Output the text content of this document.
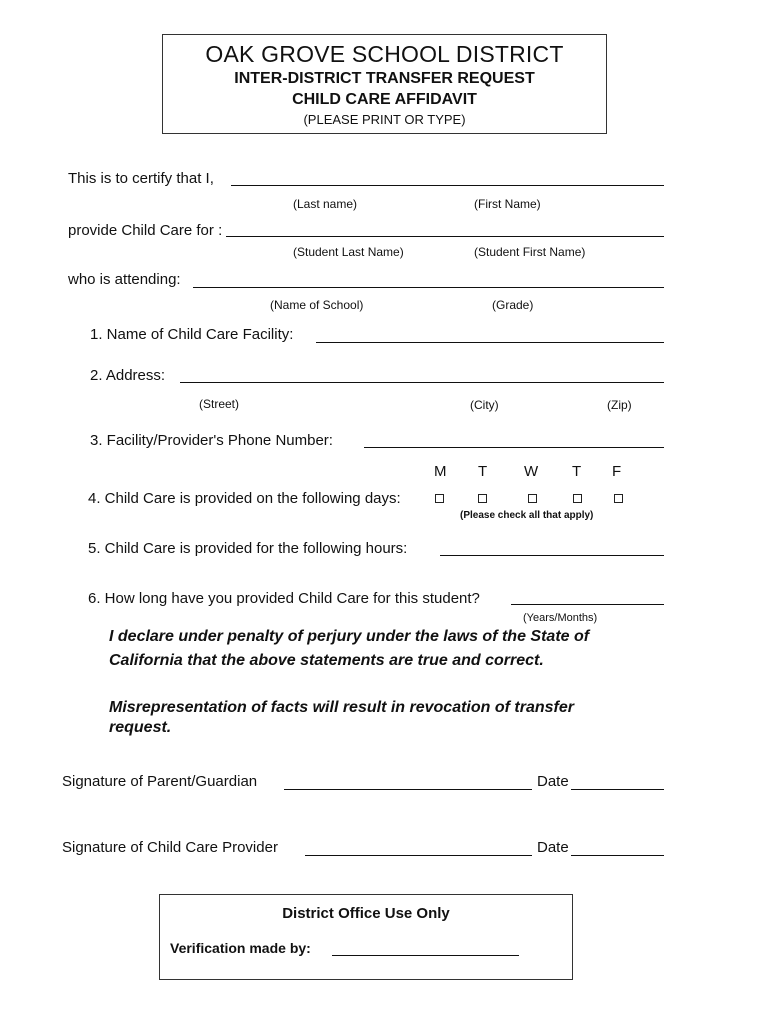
OAK GROVE SCHOOL DISTRICT
INTER-DISTRICT TRANSFER REQUEST
CHILD CARE AFFIDAVIT
(PLEASE PRINT OR TYPE)
This is to certify that I,
(Last name)	(First Name)
provide Child Care for :
(Student Last Name)	(Student First Name)
who is attending:
(Name of School)	(Grade)
1. Name of Child Care Facility:
2. Address:
(Street)	(City)	(Zip)
3. Facility/Provider's Phone Number:
M T W T F
4. Child Care is provided on the following days:
(Please check all that apply)
5. Child Care is provided for the following hours:
6. How long have you provided Child Care for this student?
(Years/Months)
I declare under penalty of perjury under the laws of the State of
California that the above statements are true and correct.
Misrepresentation of facts will result in revocation of transfer
request.
Signature of Parent/Guardian	Date
Signature of Child Care Provider	Date
District Office Use Only
Verification made by:
